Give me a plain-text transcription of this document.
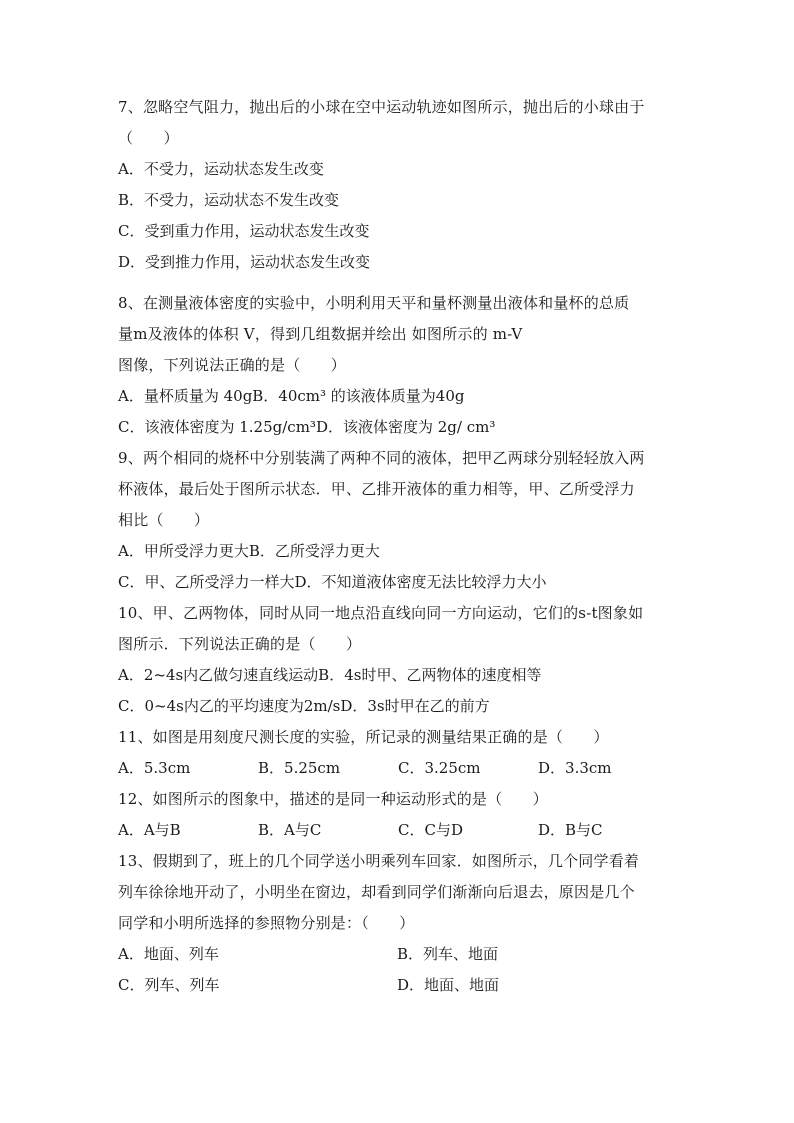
7、忽略空气阻力，抛出后的小球在空中运动轨迹如图所示，抛出后的小球由于
（　　）
A．不受力，运动状态发生改变
B．不受力，运动状态不发生改变
C．受到重力作用，运动状态发生改变
D．受到推力作用，运动状态发生改变
8、在测量液体密度的实验中，小明利用天平和量杯测量出液体和量杯的总质
量m及液体的体积 V，得到几组数据并绘出 如图所示的 m-V
图像，下列说法正确的是（　　）
A．量杯质量为 40gB．40cm³ 的该液体质量为40g
C．该液体密度为 1.25g/cm³D．该液体密度为 2g/ cm³
9、两个相同的烧杯中分别装满了两种不同的液体，把甲乙两球分别轻轻放入两
杯液体，最后处于图所示状态．甲、乙排开液体的重力相等，甲、乙所受浮力
相比（　　）
A．甲所受浮力更大B．乙所受浮力更大
C．甲、乙所受浮力一样大D．不知道液体密度无法比较浮力大小
10、甲、乙两物体，同时从同一地点沿直线向同一方向运动，它们的s-t图象如
图所示．下列说法正确的是（　　）
A．2~4s内乙做匀速直线运动B．4s时甲、乙两物体的速度相等
C．0~4s内乙的平均速度为2m/sD．3s时甲在乙的前方
11、如图是用刻度尺测长度的实验，所记录的测量结果正确的是（　　）
A．5.3cm	B．5.25cm	C．3.25cm	D．3.3cm
12、如图所示的图象中，描述的是同一种运动形式的是（　　）
A．A与B	B．A与C	C．C与D	D．B与C
13、假期到了，班上的几个同学送小明乘列车回家．如图所示，几个同学看着
列车徐徐地开动了，小明坐在窗边，却看到同学们渐渐向后退去，原因是几个
同学和小明所选择的参照物分别是：（　　）
A．地面、列车	B．列车、地面
C．列车、列车	D．地面、地面
